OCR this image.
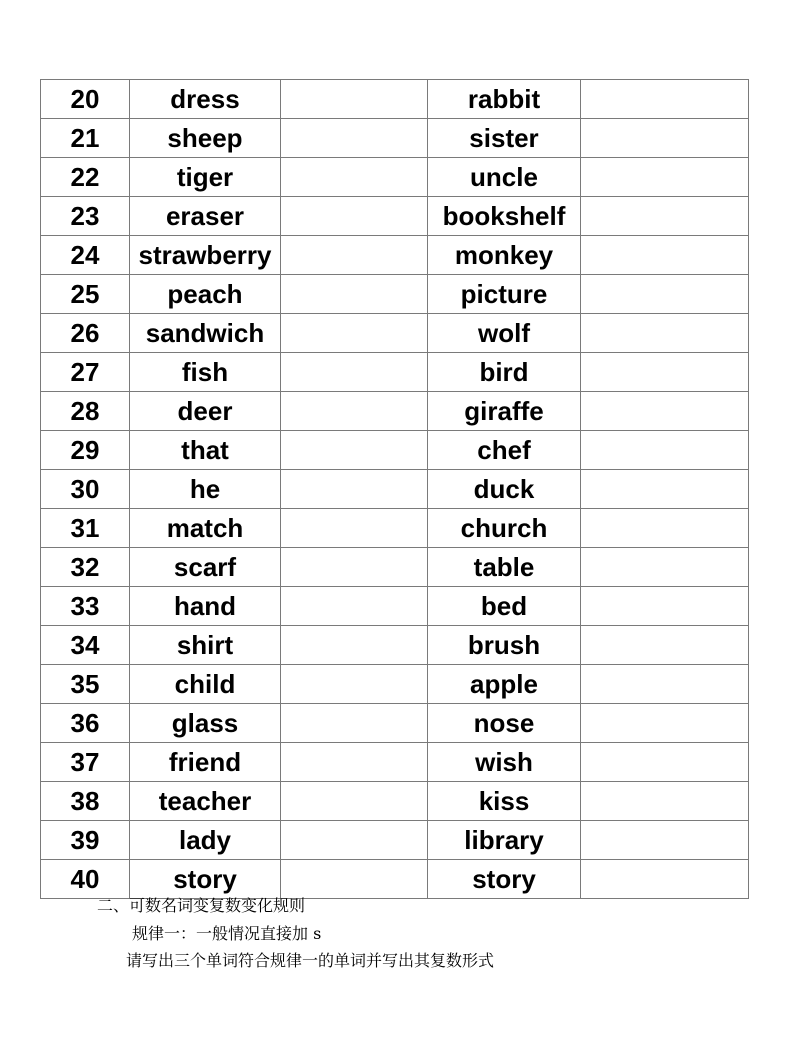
20	dress		rabbit	
21	sheep		sister	
22	tiger		uncle	
23	eraser		bookshelf	
24	strawberry		monkey	
25	peach		picture	
26	sandwich		wolf	
27	fish		bird	
28	deer		giraffe	
29	that		chef	
30	he		duck	
31	match		church	
32	scarf		table	
33	hand		bed	
34	shirt		brush	
35	child		apple	
36	glass		nose	
37	friend		wish	
38	teacher		kiss	
39	lady		library	
40	story		story	
二、可数名词变复数变化规则
规律一：一般情况直接加 s
请写出三个单词符合规律一的单词并写出其复数形式
